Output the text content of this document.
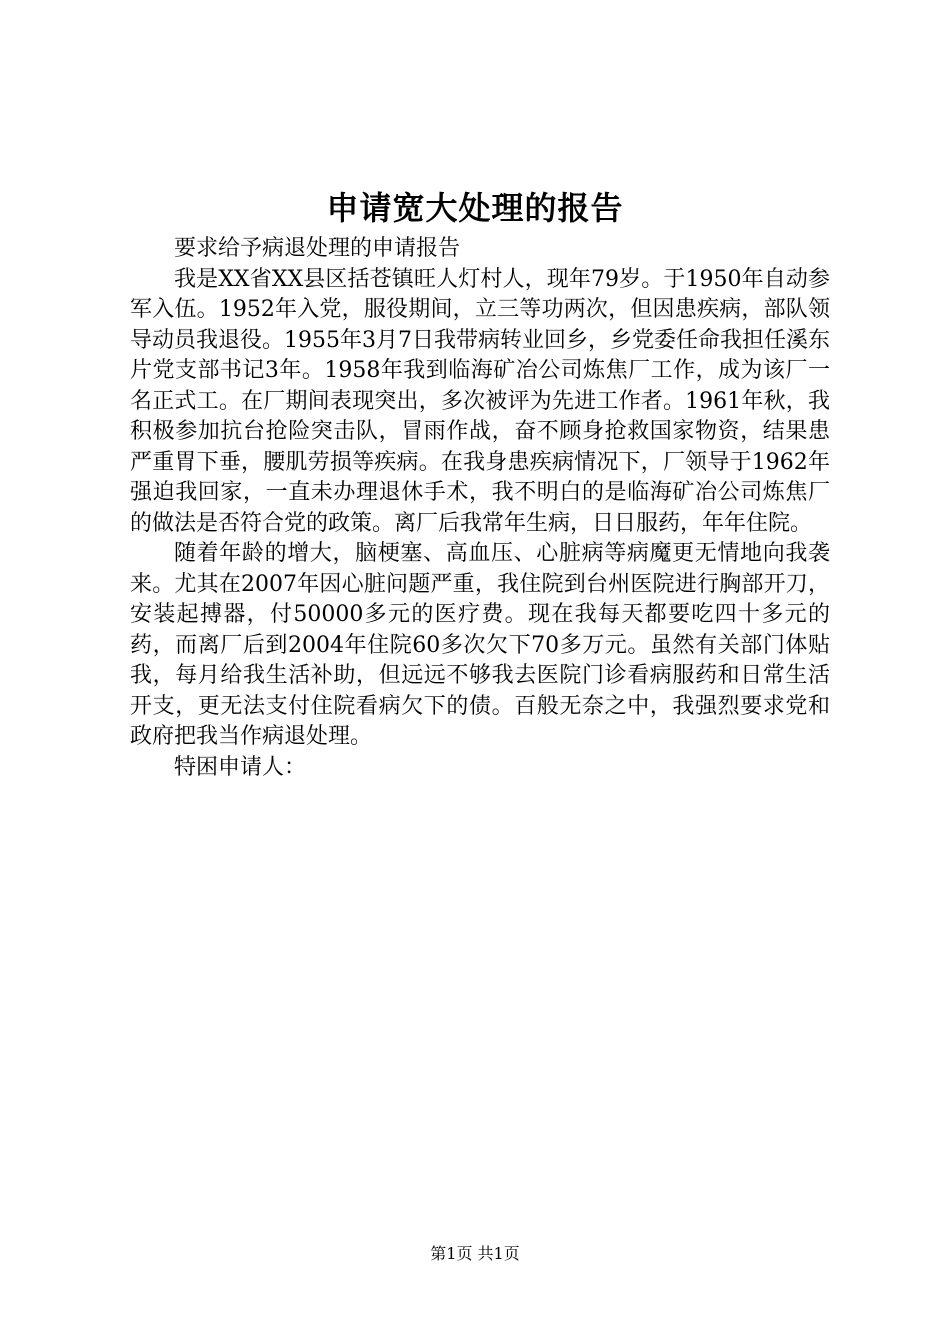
申请宽大处理的报告

要求给予病退处理的申请报告

我是XX省XX县区括苍镇旺人灯村人，现年79岁。于1950年自动参军入伍。1952年入党，服役期间，立三等功两次，但因患疾病，部队领导动员我退役。1955年3月7日我带病转业回乡，乡党委任命我担任溪东片党支部书记3年。1958年我到临海矿冶公司炼焦厂工作，成为该厂一名正式工。在厂期间表现突出，多次被评为先进工作者。1961年秋，我积极参加抗台抢险突击队，冒雨作战，奋不顾身抢救国家物资，结果患严重胃下垂，腰肌劳损等疾病。在我身患疾病情况下，厂领导于1962年强迫我回家，一直未办理退休手术，我不明白的是临海矿冶公司炼焦厂的做法是否符合党的政策。离厂后我常年生病，日日服药，年年住院。

随着年龄的增大，脑梗塞、高血压、心脏病等病魔更无情地向我袭来。尤其在2007年因心脏问题严重，我住院到台州医院进行胸部开刀，安装起搏器，付50000多元的医疗费。现在我每天都要吃四十多元的药，而离厂后到2004年住院60多次欠下70多万元。虽然有关部门体贴我，每月给我生活补助，但远远不够我去医院门诊看病服药和日常生活开支，更无法支付住院看病欠下的债。百般无奈之中，我强烈要求党和政府把我当作病退处理。

特困申请人：

第1页 共1页
